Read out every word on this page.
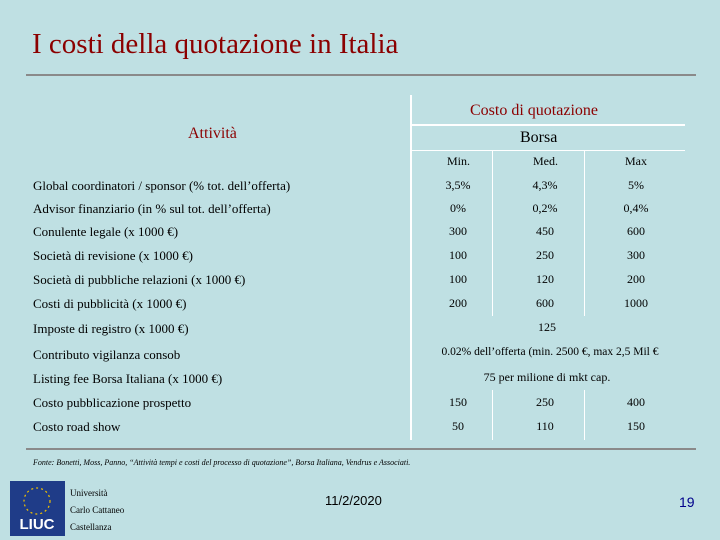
I costi della quotazione in Italia
Costo di quotazione
Attività	Borsa
Min.	Med.	Max
Global coordinatori / sponsor (% tot. dell’offerta)	3,5%	4,3%	5%
Advisor finanziario (in % sul tot. dell’offerta)	0%	0,2%	0,4%
Conulente legale (x 1000 €)	300	450	600
Società di revisione (x 1000 €)	100	250	300
Società di pubbliche relazioni (x 1000 €)	100	120	200
Costi di pubblicità (x 1000 €)	200	600	1000
Imposte di registro (x 1000 €)	125
Contributo vigilanza consob	0.02% dell’offerta (min. 2500 €, max 2,5 Mil €
Listing fee Borsa Italiana (x 1000 €)	75 per milione di mkt cap.
Costo pubblicazione prospetto	150	250	400
Costo road show	50	110	150
Fonte: Bonetti, Moss, Panno, “Attività tempi e costi del processo di quotazione”, Borsa Italiana, Vendrus e Associati.
LIUC
Università
Carlo Cattaneo
Castellanza
11/2/2020	19
